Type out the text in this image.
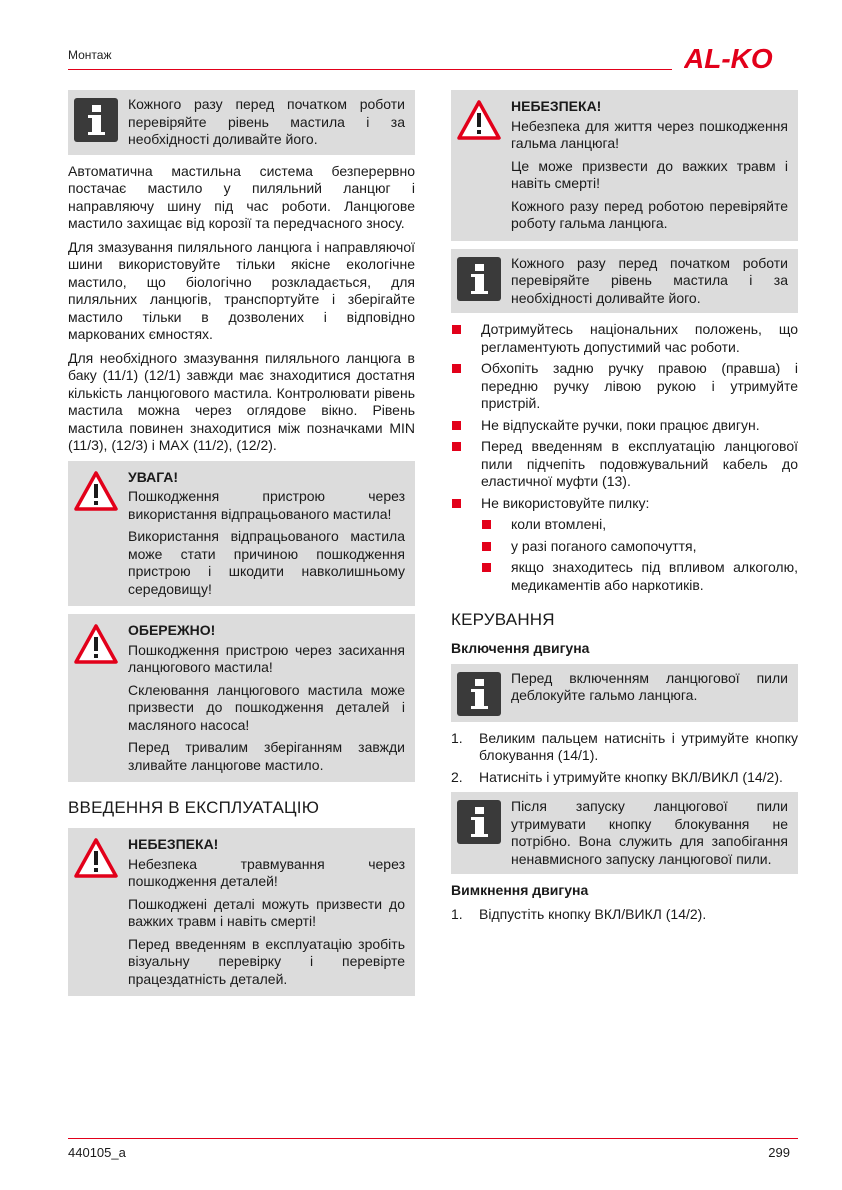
Монтаж	AL-KO
Кожного разу перед початком роботи перевіряйте рівень мастила і за необхідності доливайте його.

Автоматична мастильна система безперервно постачає мастило у пиляльний ланцюг і направляючу шину під час роботи. Ланцюгове мастило захищає від корозії та передчасного зносу.

Для змазування пиляльного ланцюга і направляючої шини використовуйте тільки якісне екологічне мастило, що біологічно розкладається, для пиляльних ланцюгів, транспортуйте і зберігайте мастило тільки в дозволених і відповідно маркованих ємностях.

Для необхідного змазування пиляльного ланцюга в баку (11/1) (12/1) завжди має знаходитися достатня кількість ланцюгового мастила. Контролювати рівень мастила можна через оглядове вікно. Рівень мастила повинен знаходитися між позначками MIN (11/3), (12/3) і MAX (11/2), (12/2).

УВАГА!
Пошкодження пристрою через використання відпрацьованого мастила!
Використання відпрацьованого мастила може стати причиною пошкодження пристрою і шкодити навколишньому середовищу!
ОБЕРЕЖНО!
Пошкодження пристрою через засихання ланцюгового мастила!
Склеювання ланцюгового мастила може призвести до пошкодження деталей і масляного насоса!
Перед тривалим зберіганням завжди зливайте ланцюгове мастило.
ВВЕДЕННЯ В ЕКСПЛУАТАЦІЮ
НЕБЕЗПЕКА!
Небезпека травмування через пошкодження деталей!
Пошкоджені деталі можуть призвести до важких травм і навіть смерті!
Перед введенням в експлуатацію зробіть візуальну перевірку і перевірте працездатність деталей.
НЕБЕЗПЕКА!
Небезпека для життя через пошкодження гальма ланцюга!
Це може призвести до важких травм і навіть смерті!
Кожного разу перед роботою перевіряйте роботу гальма ланцюга.
Кожного разу перед початком роботи перевіряйте рівень мастила і за необхідності доливайте його.
Дотримуйтесь національних положень, що регламентують допустимий час роботи.
Обхопіть задню ручку правою (правша) і передню ручку лівою рукою і утримуйте пристрій.
Не відпускайте ручки, поки працює двигун.
Перед введенням в експлуатацію ланцюгової пили підчепіть подовжувальний кабель до еластичної муфти (13).
Не використовуйте пилку:
коли втомлені,
у разі поганого самопочуття,
якщо знаходитесь під впливом алкоголю, медикаментів або наркотиків.
КЕРУВАННЯ
Включення двигуна
Перед включенням ланцюгової пили деблокуйте гальмо ланцюга.
1. Великим пальцем натисніть і утримуйте кнопку блокування (14/1).
2. Натисніть і утримуйте кнопку ВКЛ/ВИКЛ (14/2).
Після запуску ланцюгової пили утримувати кнопку блокування не потрібно. Вона служить для запобігання ненавмисного запуску ланцюгової пили.
Вимкнення двигуна
1. Відпустіть кнопку ВКЛ/ВИКЛ (14/2).
440105_a	299
